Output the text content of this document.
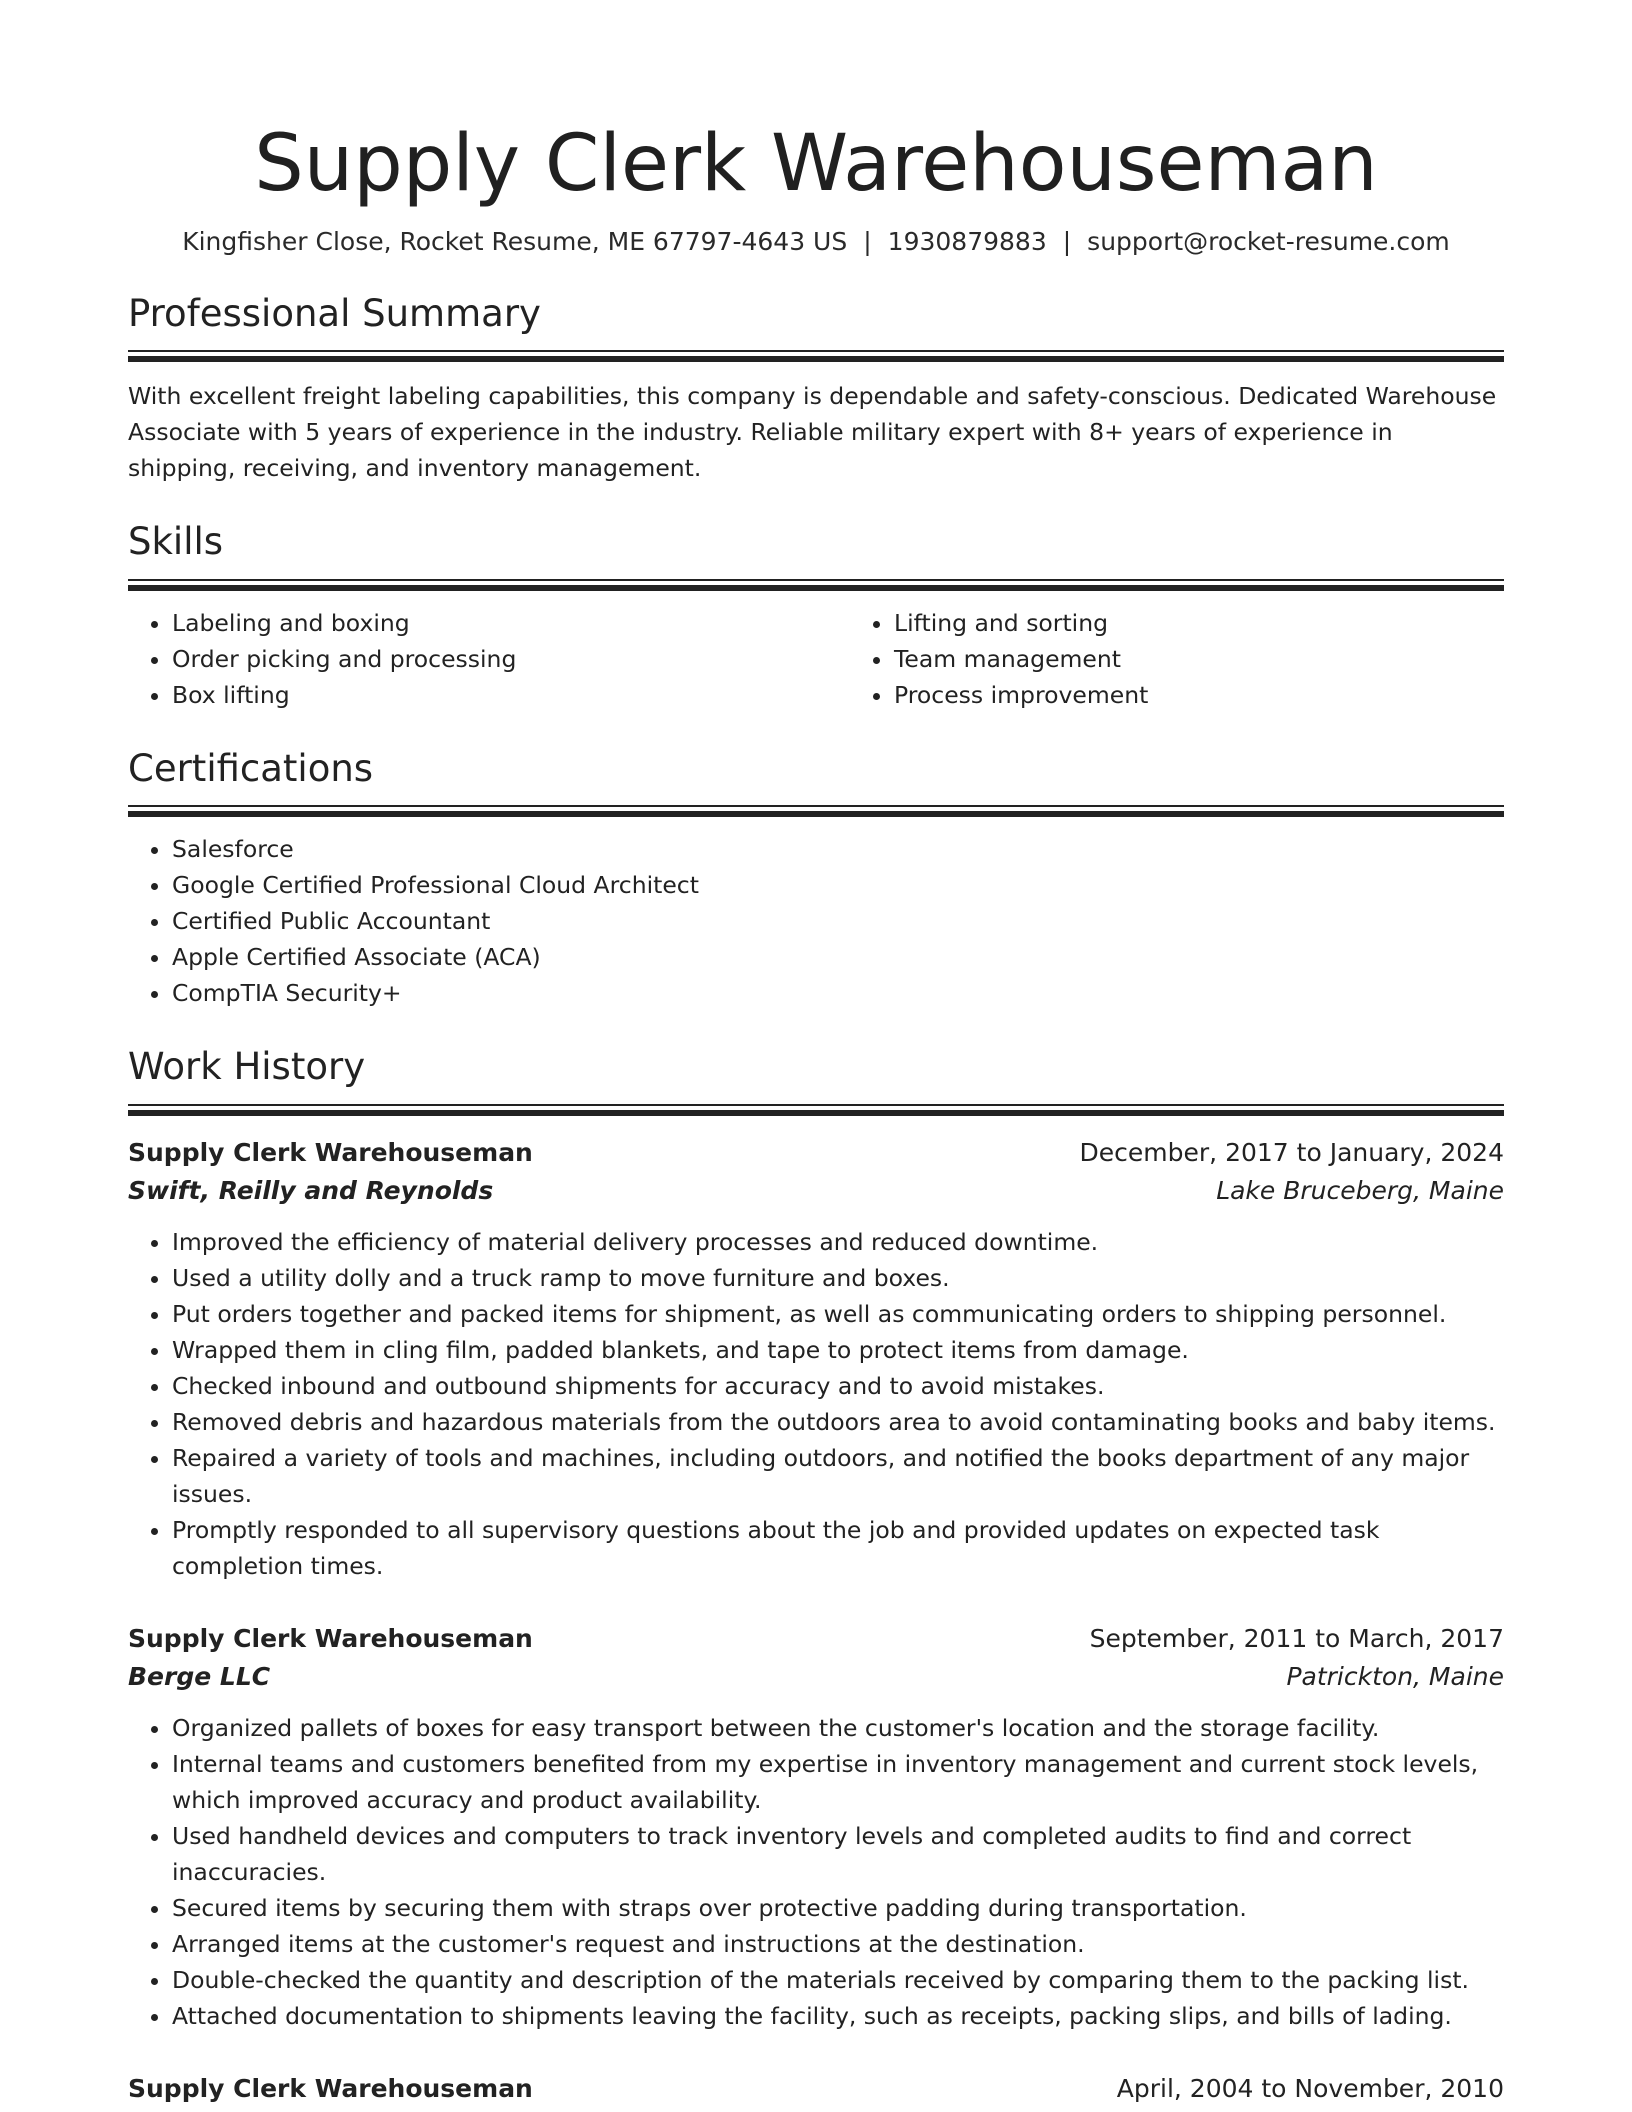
Supply Clerk Warehouseman
Kingfisher Close, Rocket Resume, ME 67797-4643 US | 1930879883 | support@rocket-resume.com
Professional Summary
With excellent freight labeling capabilities, this company is dependable and safety-conscious. Dedicated Warehouse Associate with 5 years of experience in the industry. Reliable military expert with 8+ years of experience in shipping, receiving, and inventory management.
Skills
• Labeling and boxing
• Order picking and processing
• Box lifting
• Lifting and sorting
• Team management
• Process improvement
Certifications
• Salesforce
• Google Certified Professional Cloud Architect
• Certified Public Accountant
• Apple Certified Associate (ACA)
• CompTIA Security+
Work History
Supply Clerk Warehouseman	December, 2017 to January, 2024
Swift, Reilly and Reynolds	Lake Bruceberg, Maine
• Improved the efficiency of material delivery processes and reduced downtime.
• Used a utility dolly and a truck ramp to move furniture and boxes.
• Put orders together and packed items for shipment, as well as communicating orders to shipping personnel.
• Wrapped them in cling film, padded blankets, and tape to protect items from damage.
• Checked inbound and outbound shipments for accuracy and to avoid mistakes.
• Removed debris and hazardous materials from the outdoors area to avoid contaminating books and baby items.
• Repaired a variety of tools and machines, including outdoors, and notified the books department of any major issues.
• Promptly responded to all supervisory questions about the job and provided updates on expected task completion times.
Supply Clerk Warehouseman	September, 2011 to March, 2017
Berge LLC	Patrickton, Maine
• Organized pallets of boxes for easy transport between the customer's location and the storage facility.
• Internal teams and customers benefited from my expertise in inventory management and current stock levels, which improved accuracy and product availability.
• Used handheld devices and computers to track inventory levels and completed audits to find and correct inaccuracies.
• Secured items by securing them with straps over protective padding during transportation.
• Arranged items at the customer's request and instructions at the destination.
• Double-checked the quantity and description of the materials received by comparing them to the packing list.
• Attached documentation to shipments leaving the facility, such as receipts, packing slips, and bills of lading.
Supply Clerk Warehouseman	April, 2004 to November, 2010
